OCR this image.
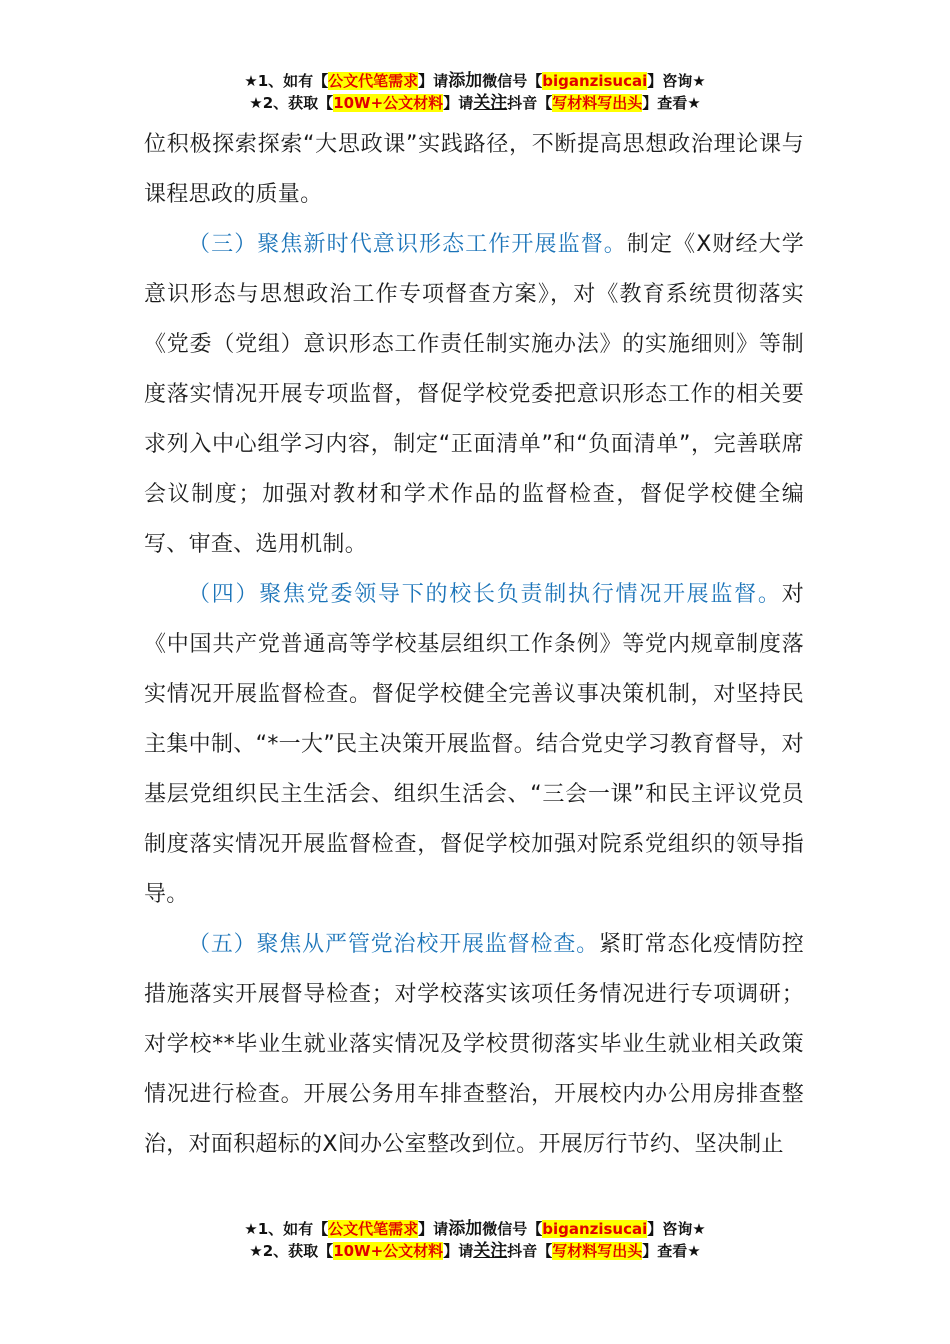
★1、如有【公文代笔需求】请添加微信号【biganzisucai】咨询★
★2、获取【10W+公文材料】请关注抖音【写材料写出头】查看★

位积极探索探索“大思政课”实践路径，不断提高思想政治理论课与课程思政的质量。

（三）聚焦新时代意识形态工作开展监督。制定《X财经大学意识形态与思想政治工作专项督查方案》，对《教育系统贯彻落实《党委（党组）意识形态工作责任制实施办法》的实施细则》等制度落实情况开展专项监督，督促学校党委把意识形态工作的相关要求列入中心组学习内容，制定“正面清单”和“负面清单”，完善联席会议制度；加强对教材和学术作品的监督检查，督促学校健全编写、审查、选用机制。

（四）聚焦党委领导下的校长负责制执行情况开展监督。对《中国共产党普通高等学校基层组织工作条例》等党内规章制度落实情况开展监督检查。督促学校健全完善议事决策机制，对坚持民主集中制、“*一大”民主决策开展监督。结合党史学习教育督导，对基层党组织民主生活会、组织生活会、“三会一课”和民主评议党员制度落实情况开展监督检查，督促学校加强对院系党组织的领导指导。

（五）聚焦从严管党治校开展监督检查。紧盯常态化疫情防控措施落实开展督导检查；对学校落实该项任务情况进行专项调研；对学校**毕业生就业落实情况及学校贯彻落实毕业生就业相关政策情况进行检查。开展公务用车排查整治，开展校内办公用房排查整治，对面积超标的X间办公室整改到位。开展厉行节约、坚决制止

★1、如有【公文代笔需求】请添加微信号【biganzisucai】咨询★
★2、获取【10W+公文材料】请关注抖音【写材料写出头】查看★
